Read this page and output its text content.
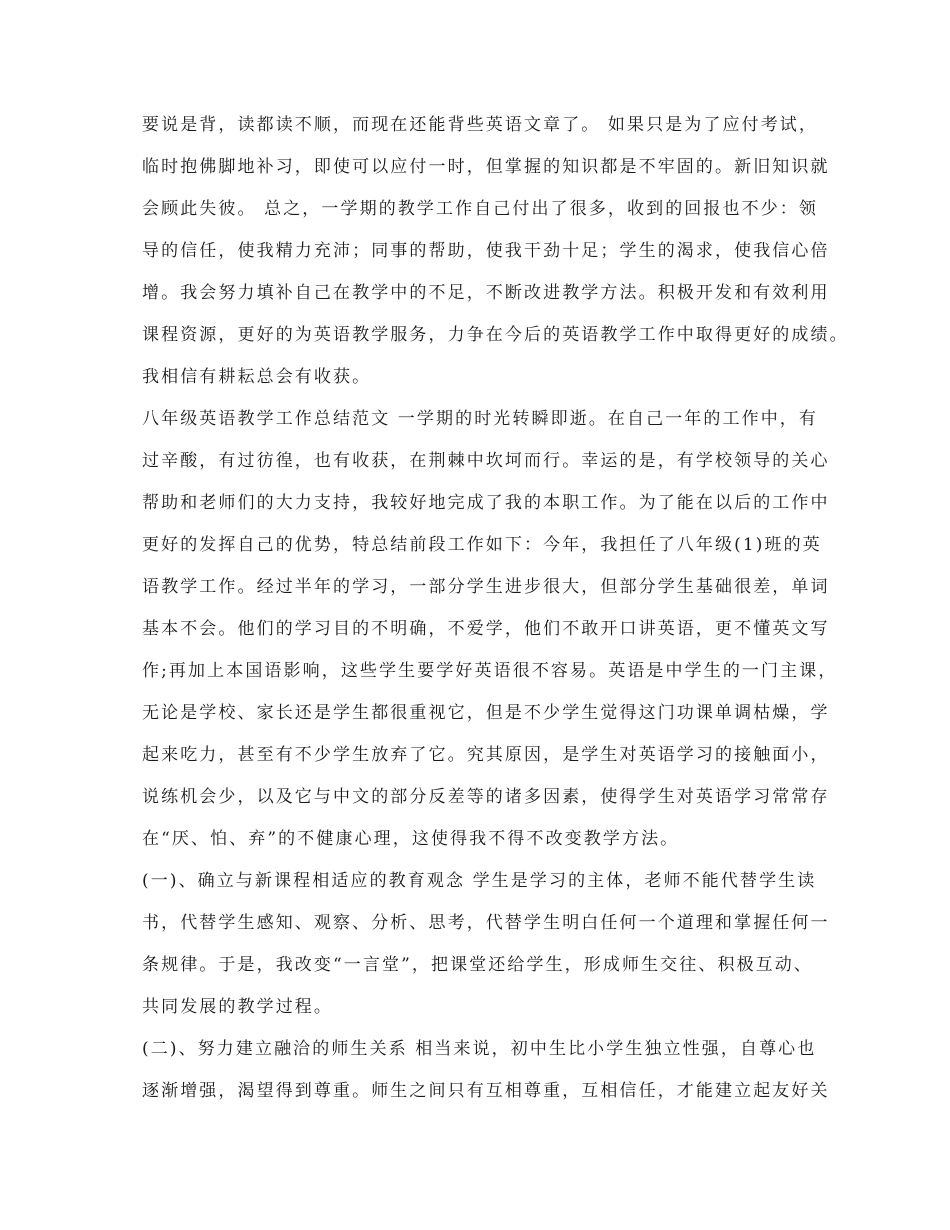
要说是背，读都读不顺，而现在还能背些英语文章了。 如果只是为了应付考试，
临时抱佛脚地补习，即使可以应付一时，但掌握的知识都是不牢固的。新旧知识就
会顾此失彼。 总之，一学期的教学工作自己付出了很多，收到的回报也不少：领
导的信任，使我精力充沛；同事的帮助，使我干劲十足；学生的渴求，使我信心倍
增。我会努力填补自己在教学中的不足，不断改进教学方法。积极开发和有效利用
课程资源，更好的为英语教学服务，力争在今后的英语教学工作中取得更好的成绩。
我相信有耕耘总会有收获。
八年级英语教学工作总结范文 一学期的时光转瞬即逝。在自己一年的工作中，有
过辛酸，有过彷徨，也有收获，在荆棘中坎坷而行。幸运的是，有学校领导的关心
帮助和老师们的大力支持，我较好地完成了我的本职工作。为了能在以后的工作中
更好的发挥自己的优势，特总结前段工作如下：今年，我担任了八年级(1)班的英
语教学工作。经过半年的学习，一部分学生进步很大，但部分学生基础很差，单词
基本不会。他们的学习目的不明确，不爱学，他们不敢开口讲英语，更不懂英文写
作;再加上本国语影响，这些学生要学好英语很不容易。英语是中学生的一门主课，
无论是学校、家长还是学生都很重视它，但是不少学生觉得这门功课单调枯燥，学
起来吃力，甚至有不少学生放弃了它。究其原因，是学生对英语学习的接触面小，
说练机会少，以及它与中文的部分反差等的诸多因素，使得学生对英语学习常常存
在“厌、怕、弃”的不健康心理，这使得我不得不改变教学方法。
(一)、确立与新课程相适应的教育观念 学生是学习的主体，老师不能代替学生读
书，代替学生感知、观察、分析、思考，代替学生明白任何一个道理和掌握任何一
条规律。于是，我改变“一言堂”，把课堂还给学生，形成师生交往、积极互动、
共同发展的教学过程。
(二)、努力建立融洽的师生关系 相当来说，初中生比小学生独立性强，自尊心也
逐渐增强，渴望得到尊重。师生之间只有互相尊重，互相信任，才能建立起友好关
